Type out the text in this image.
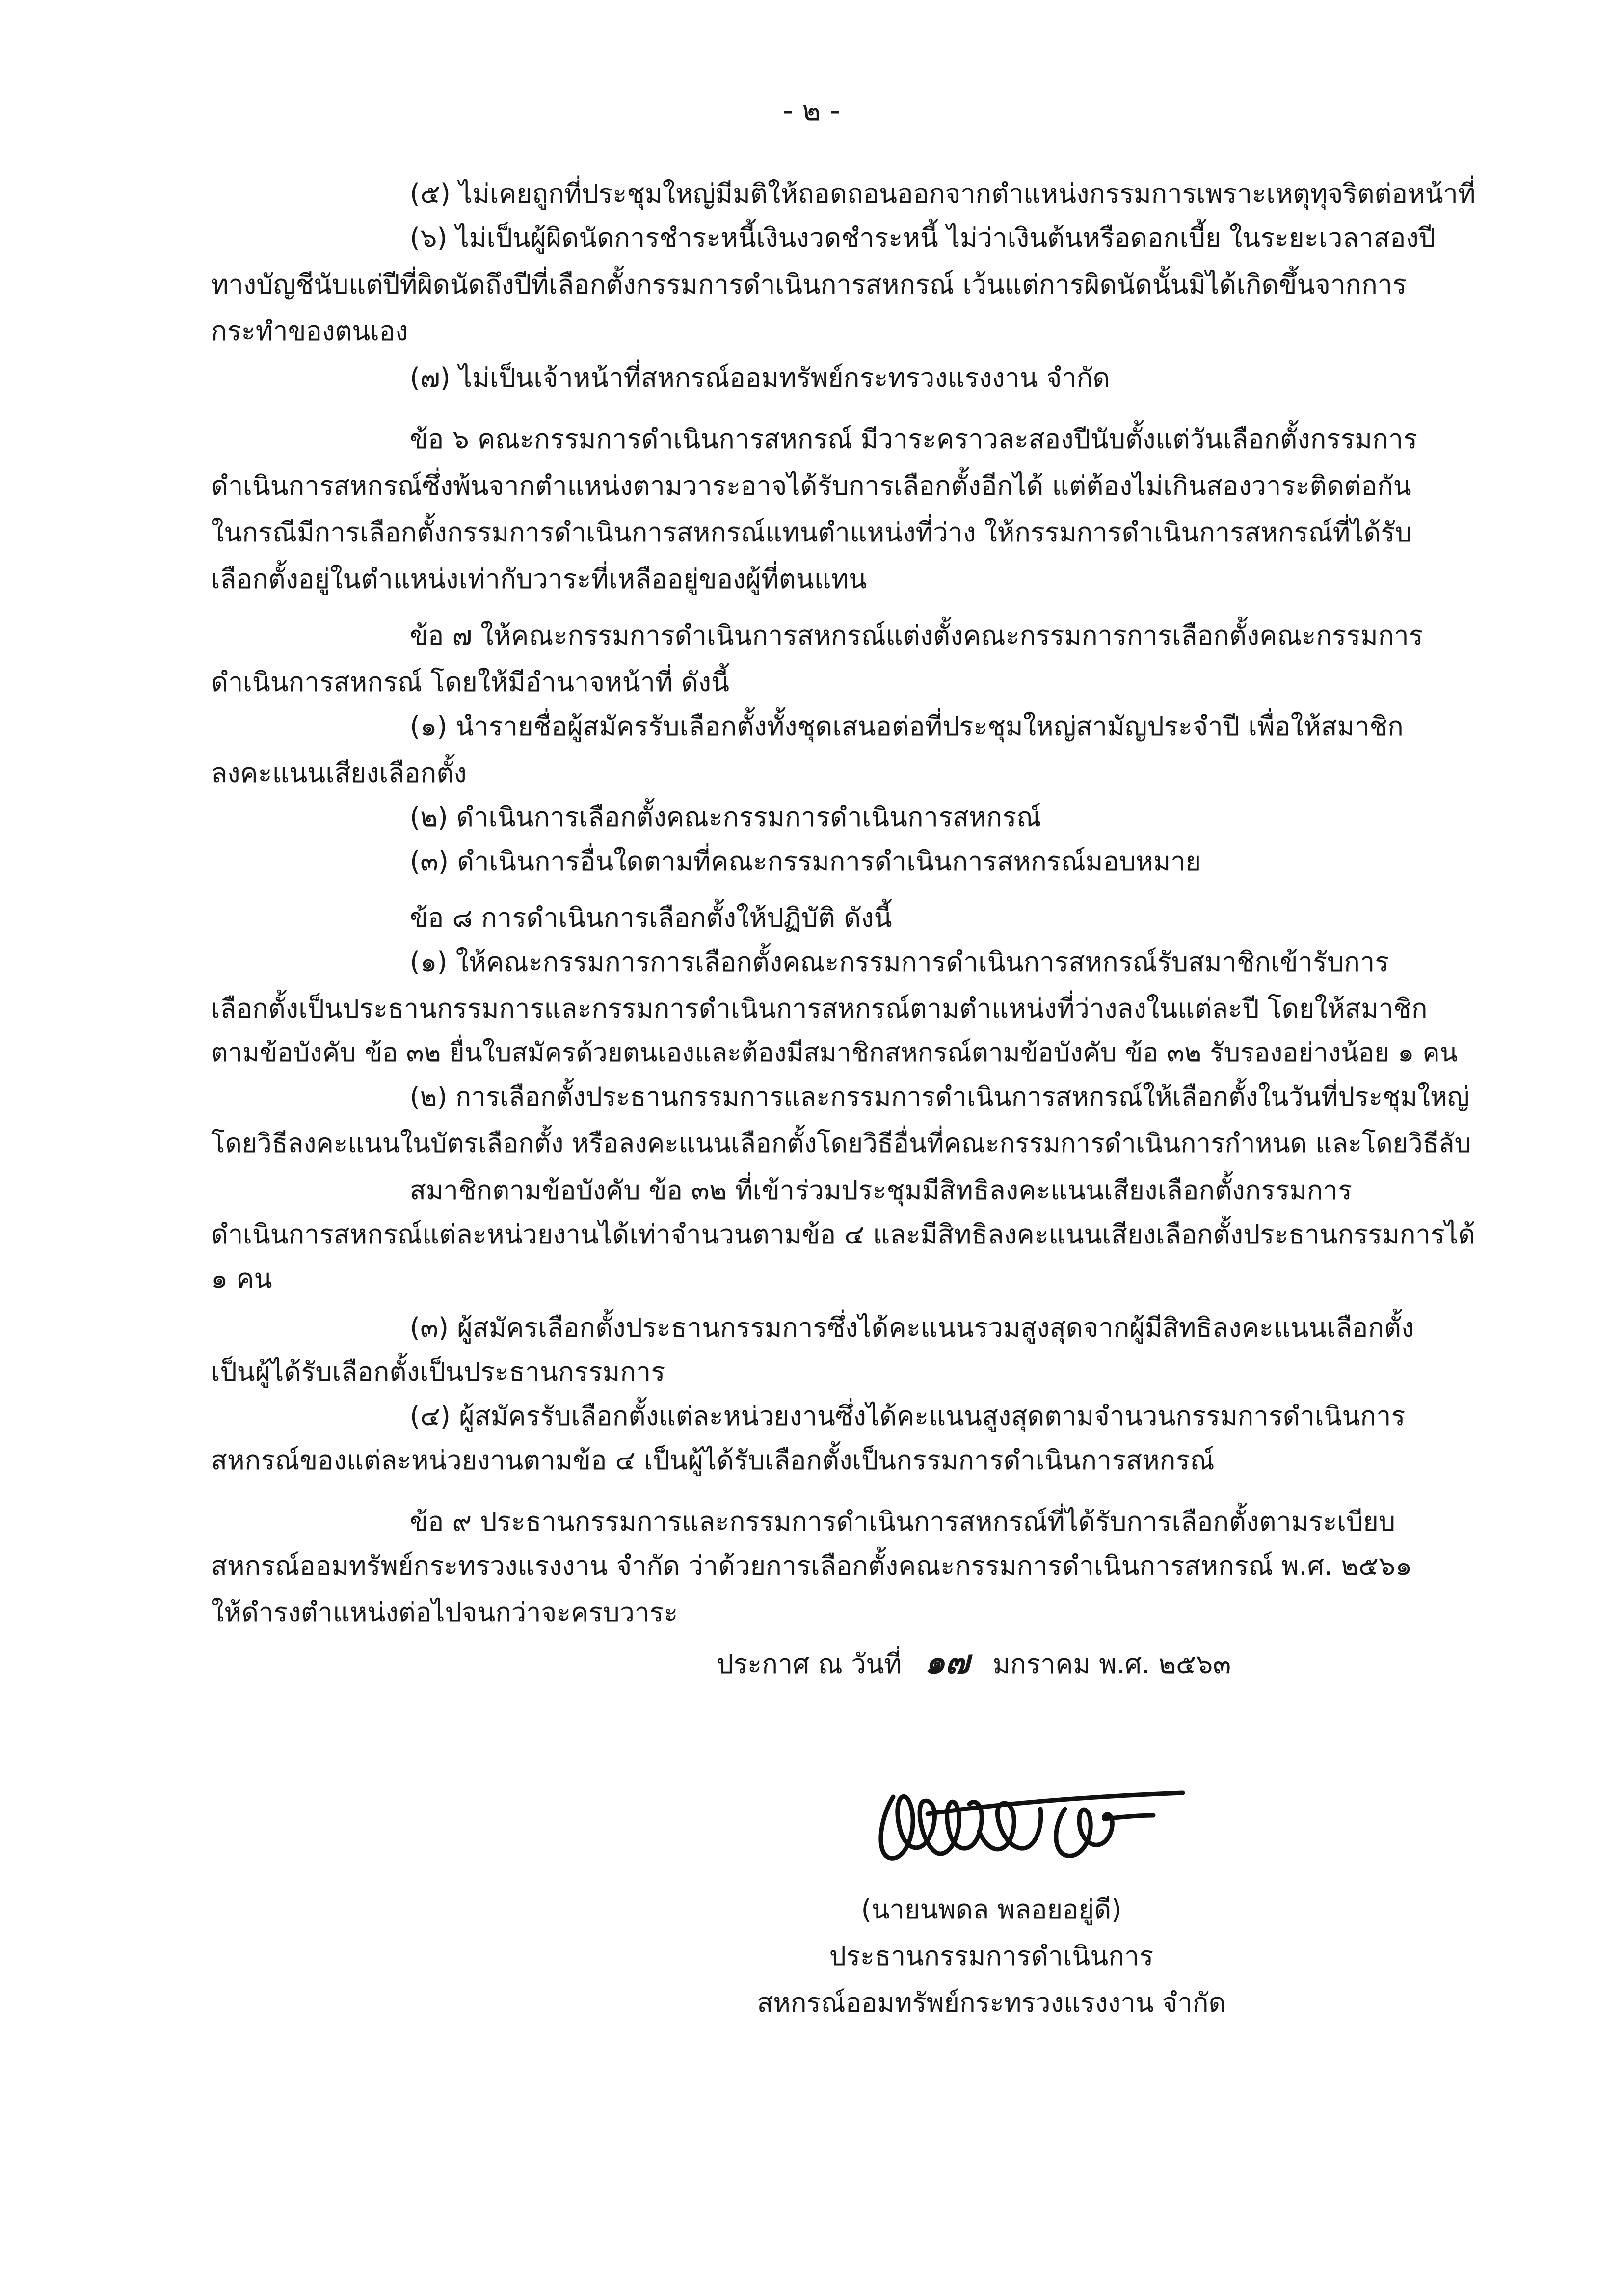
- ๒ -
(๕) ไม่เคยถูกที่ประชุมใหญ่มีมติให้ถอดถอนออกจากตำแหน่งกรรมการเพราะเหตุทุจริตต่อหน้าที่
(๖) ไม่เป็นผู้ผิดนัดการชำระหนี้เงินงวดชำระหนี้ ไม่ว่าเงินต้นหรือดอกเบี้ย ในระยะเวลาสองปี
ทางบัญชีนับแต่ปีที่ผิดนัดถึงปีที่เลือกตั้งกรรมการดำเนินการสหกรณ์ เว้นแต่การผิดนัดนั้นมิได้เกิดขึ้นจากการ
กระทำของตนเอง
(๗) ไม่เป็นเจ้าหน้าที่สหกรณ์ออมทรัพย์กระทรวงแรงงาน จำกัด
ข้อ ๖ คณะกรรมการดำเนินการสหกรณ์ มีวาระคราวละสองปีนับตั้งแต่วันเลือกตั้งกรรมการ
ดำเนินการสหกรณ์ซึ่งพ้นจากตำแหน่งตามวาระอาจได้รับการเลือกตั้งอีกได้ แต่ต้องไม่เกินสองวาระติดต่อกัน
ในกรณีมีการเลือกตั้งกรรมการดำเนินการสหกรณ์แทนตำแหน่งที่ว่าง ให้กรรมการดำเนินการสหกรณ์ที่ได้รับ
เลือกตั้งอยู่ในตำแหน่งเท่ากับวาระที่เหลืออยู่ของผู้ที่ตนแทน
ข้อ ๗ ให้คณะกรรมการดำเนินการสหกรณ์แต่งตั้งคณะกรรมการการเลือกตั้งคณะกรรมการ
ดำเนินการสหกรณ์ โดยให้มีอำนาจหน้าที่ ดังนี้
(๑) นำรายชื่อผู้สมัครรับเลือกตั้งทั้งชุดเสนอต่อที่ประชุมใหญ่สามัญประจำปี เพื่อให้สมาชิก
ลงคะแนนเสียงเลือกตั้ง
(๒) ดำเนินการเลือกตั้งคณะกรรมการดำเนินการสหกรณ์
(๓) ดำเนินการอื่นใดตามที่คณะกรรมการดำเนินการสหกรณ์มอบหมาย
ข้อ ๘ การดำเนินการเลือกตั้งให้ปฏิบัติ ดังนี้
(๑) ให้คณะกรรมการการเลือกตั้งคณะกรรมการดำเนินการสหกรณ์รับสมาชิกเข้ารับการ
เลือกตั้งเป็นประธานกรรมการและกรรมการดำเนินการสหกรณ์ตามตำแหน่งที่ว่างลงในแต่ละปี โดยให้สมาชิก
ตามข้อบังคับ ข้อ ๓๒ ยื่นใบสมัครด้วยตนเองและต้องมีสมาชิกสหกรณ์ตามข้อบังคับ ข้อ ๓๒ รับรองอย่างน้อย ๑ คน
(๒) การเลือกตั้งประธานกรรมการและกรรมการดำเนินการสหกรณ์ให้เลือกตั้งในวันที่ประชุมใหญ่
โดยวิธีลงคะแนนในบัตรเลือกตั้ง หรือลงคะแนนเลือกตั้งโดยวิธีอื่นที่คณะกรรมการดำเนินการกำหนด และโดยวิธีลับ
สมาชิกตามข้อบังคับ ข้อ ๓๒ ที่เข้าร่วมประชุมมีสิทธิลงคะแนนเสียงเลือกตั้งกรรมการ
ดำเนินการสหกรณ์แต่ละหน่วยงานได้เท่าจำนวนตามข้อ ๔ และมีสิทธิลงคะแนนเสียงเลือกตั้งประธานกรรมการได้
๑ คน
(๓) ผู้สมัครเลือกตั้งประธานกรรมการซึ่งได้คะแนนรวมสูงสุดจากผู้มีสิทธิลงคะแนนเลือกตั้ง
เป็นผู้ได้รับเลือกตั้งเป็นประธานกรรมการ
(๔) ผู้สมัครรับเลือกตั้งแต่ละหน่วยงานซึ่งได้คะแนนสูงสุดตามจำนวนกรรมการดำเนินการ
สหกรณ์ของแต่ละหน่วยงานตามข้อ ๔ เป็นผู้ได้รับเลือกตั้งเป็นกรรมการดำเนินการสหกรณ์
ข้อ ๙ ประธานกรรมการและกรรมการดำเนินการสหกรณ์ที่ได้รับการเลือกตั้งตามระเบียบ
สหกรณ์ออมทรัพย์กระทรวงแรงงาน จำกัด ว่าด้วยการเลือกตั้งคณะกรรมการดำเนินการสหกรณ์ พ.ศ. ๒๕๖๑
ให้ดำรงตำแหน่งต่อไปจนกว่าจะครบวาระ
ประกาศ ณ วันที่ ๑๗ มกราคม พ.ศ. ๒๕๖๓
(นายนพดล พลอยอยู่ดี)
ประธานกรรมการดำเนินการ
สหกรณ์ออมทรัพย์กระทรวงแรงงาน จำกัด
